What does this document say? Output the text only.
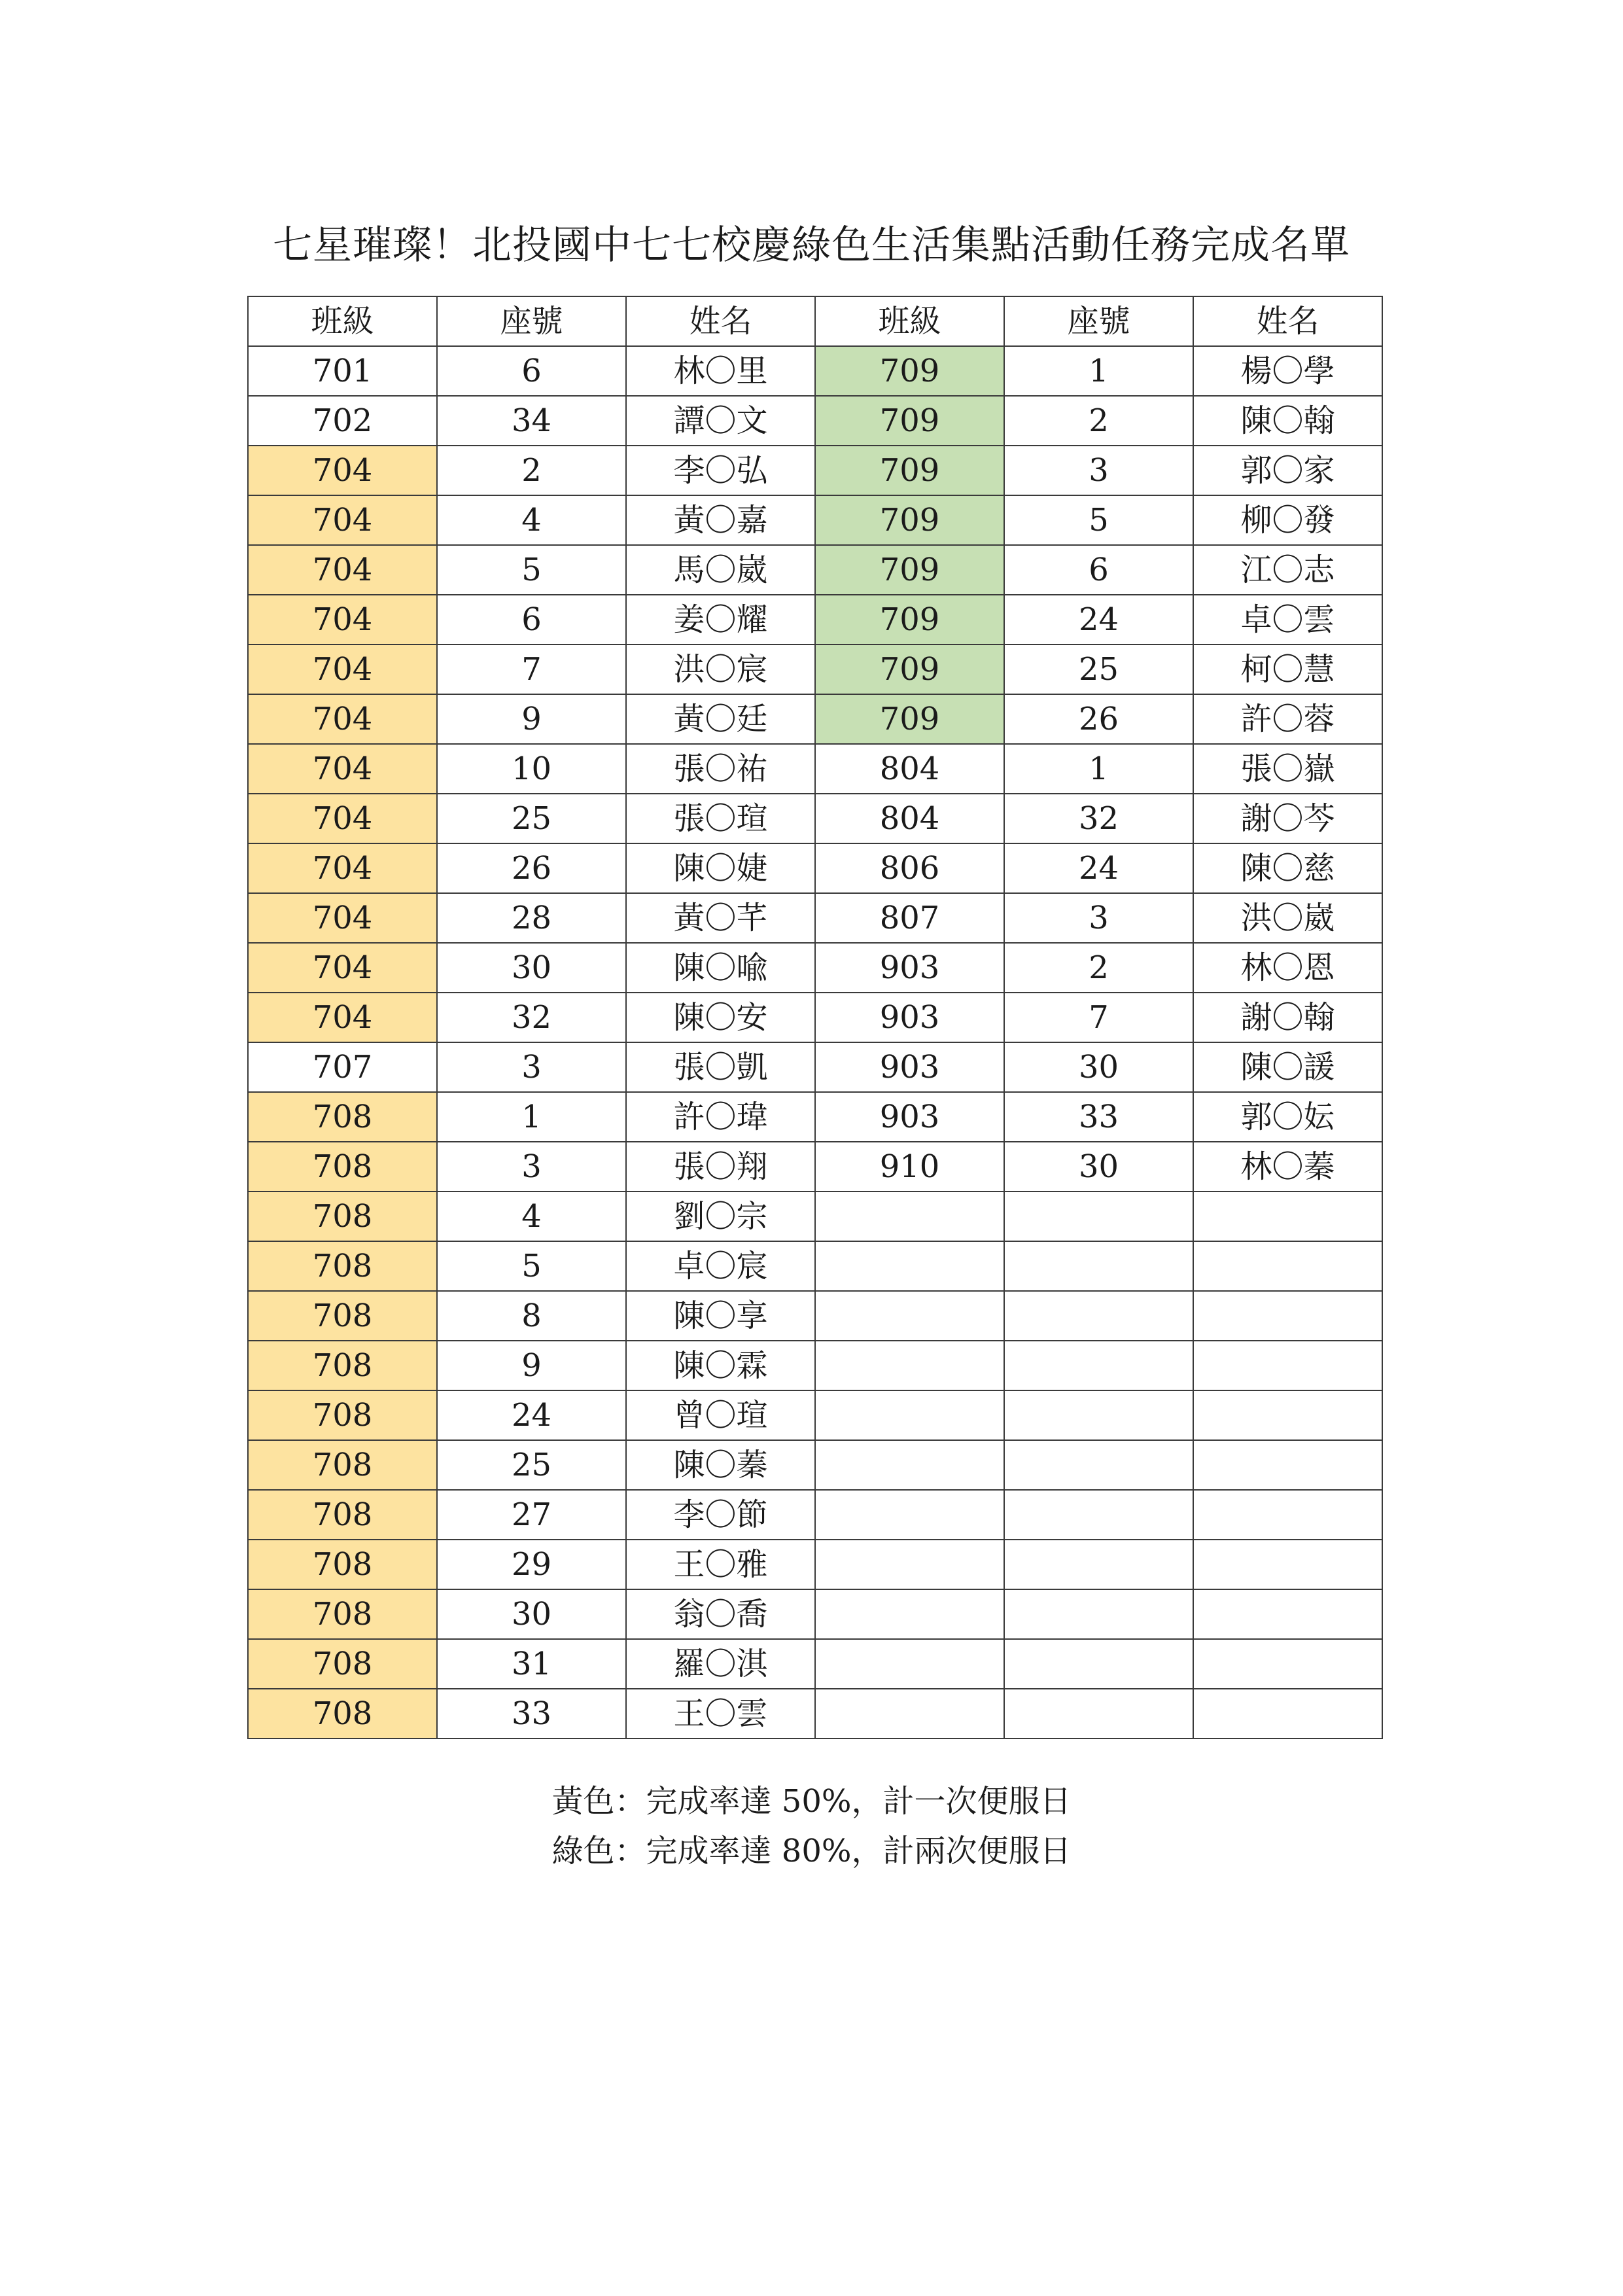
七星璀璨！北投國中七七校慶綠色生活集點活動任務完成名單
班級	座號	姓名	班級	座號	姓名
701	6	林〇里	709	1	楊〇學
702	34	譚〇文	709	2	陳〇翰
704	2	李〇弘	709	3	郭〇家
704	4	黃〇嘉	709	5	柳〇發
704	5	馬〇崴	709	6	江〇志
704	6	姜〇耀	709	24	卓〇雲
704	7	洪〇宸	709	25	柯〇慧
704	9	黃〇廷	709	26	許〇蓉
704	10	張〇祐	804	1	張〇嶽
704	25	張〇瑄	804	32	謝〇芩
704	26	陳〇婕	806	24	陳〇慈
704	28	黃〇芊	807	3	洪〇崴
704	30	陳〇喩	903	2	林〇恩
704	32	陳〇安	903	7	謝〇翰
707	3	張〇凱	903	30	陳〇諼
708	1	許〇瑋	903	33	郭〇妘
708	3	張〇翔	910	30	林〇蓁
708	4	劉〇宗			
708	5	卓〇宸			
708	8	陳〇享			
708	9	陳〇霖			
708	24	曾〇瑄			
708	25	陳〇蓁			
708	27	李〇節			
708	29	王〇雅			
708	30	翁〇喬			
708	31	羅〇淇			
708	33	王〇雲			
黃色：完成率達 50%，計一次便服日
綠色：完成率達 80%，計兩次便服日
